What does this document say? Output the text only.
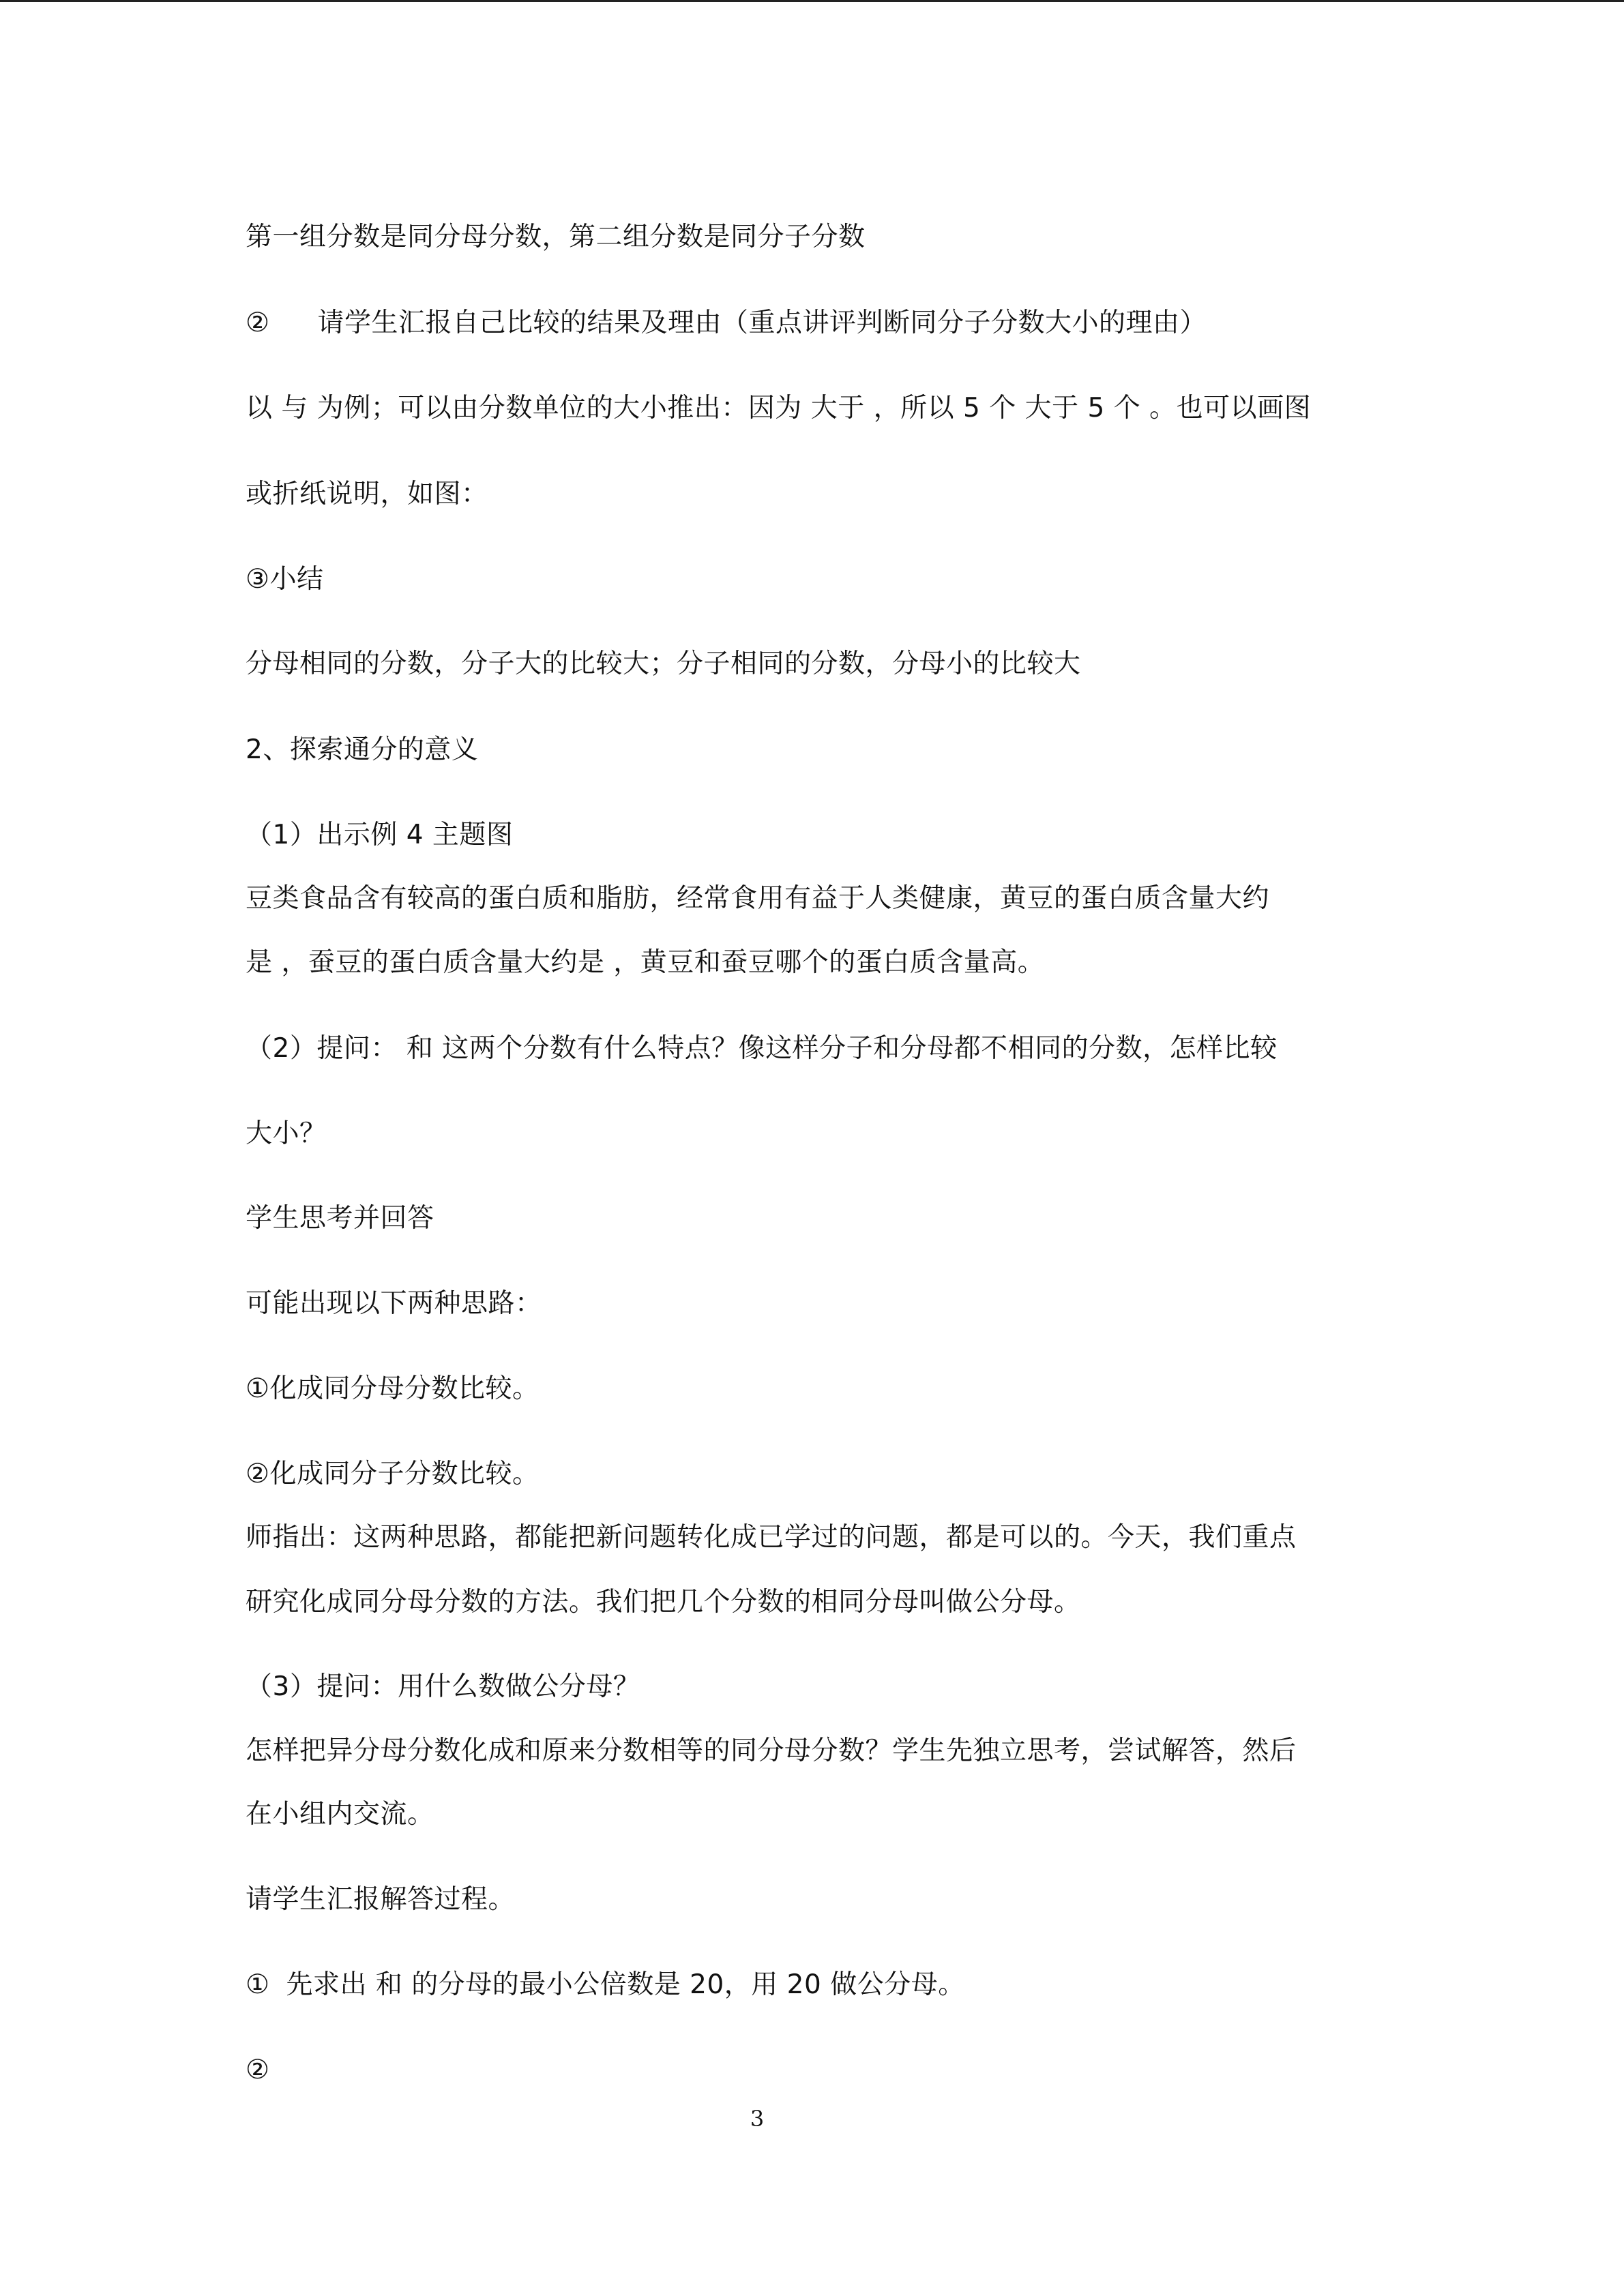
第一组分数是同分母分数，第二组分数是同分子分数
② 请学生汇报自己比较的结果及理由（重点讲评判断同分子分数大小的理由）
以 与 为例；可以由分数单位的大小推出：因为 大于 ，所以 5 个 大于 5 个 。也可以画图
或折纸说明，如图：
③小结
分母相同的分数，分子大的比较大；分子相同的分数，分母小的比较大
2、探索通分的意义
（1）出示例 4 主题图
豆类食品含有较高的蛋白质和脂肪，经常食用有益于人类健康，黄豆的蛋白质含量大约
是 ，蚕豆的蛋白质含量大约是 ，黄豆和蚕豆哪个的蛋白质含量高。
（2）提问： 和 这两个分数有什么特点？像这样分子和分母都不相同的分数，怎样比较
大小？
学生思考并回答
可能出现以下两种思路：
①化成同分母分数比较。
②化成同分子分数比较。
师指出：这两种思路，都能把新问题转化成已学过的问题，都是可以的。今天，我们重点
研究化成同分母分数的方法。我们把几个分数的相同分母叫做公分母。
（3）提问：用什么数做公分母？
怎样把异分母分数化成和原来分数相等的同分母分数？学生先独立思考，尝试解答，然后
在小组内交流。
请学生汇报解答过程。
① 先求出 和 的分母的最小公倍数是 20，用 20 做公分母。
②
3
